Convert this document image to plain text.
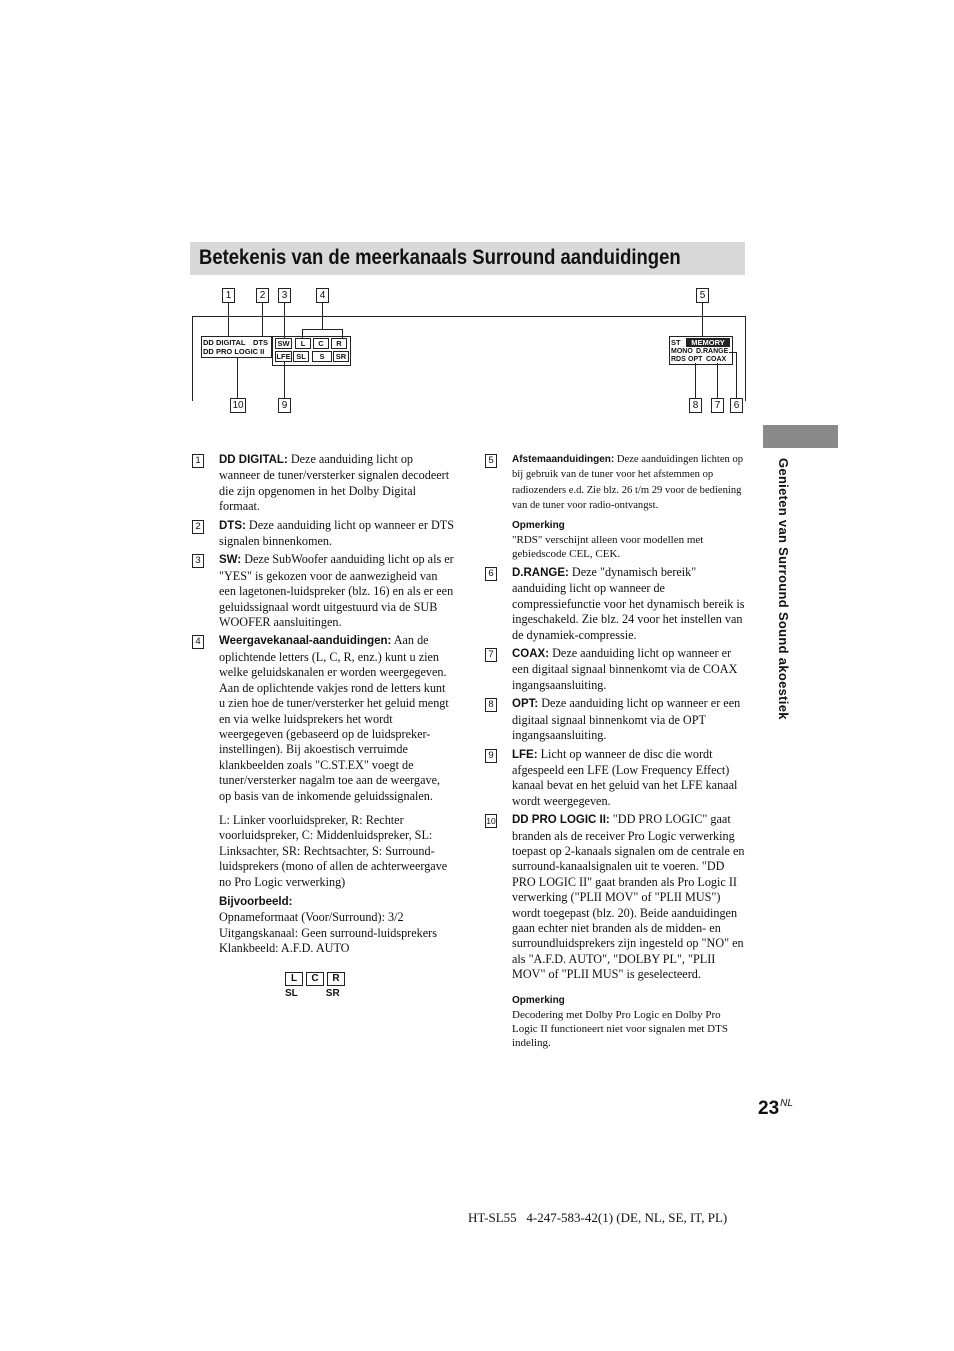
Betekenis van de meerkanaals Surround aanduidingen
Genieten van Surround Sound akoestiek
1	2	3	4	5
10	9	8	7	6
DD DIGITAL DTS
DD PRO LOGIC II
SW	L	C	R
LFE SL	S	SR
ST	MEMORY
MONO D.RANGE
RDS OPT COAX
1 DD DIGITAL: Deze aanduiding licht op wanneer de tuner/versterker signalen decodeert die zijn opgenomen in het Dolby Digital formaat.
2 DTS: Deze aanduiding licht op wanneer er DTS signalen binnenkomen.
3 SW: Deze SubWoofer aanduiding licht op als er "YES" is gekozen voor de aanwezigheid van een lagetonen-luidspreker (blz. 16) en als er een geluidssignaal wordt uitgestuurd via de SUB WOOFER aansluitingen.
4 Weergavekanaal-aanduidingen: Aan de oplichtende letters (L, C, R, enz.) kunt u zien welke geluidskanalen er worden weergegeven. Aan de oplichtende vakjes rond de letters kunt u zien hoe de tuner/versterker het geluid mengt en via welke luidsprekers het wordt weergegeven (gebaseerd op de luidspreker-instellingen). Bij akoestisch verruimde klankbeelden zoals "C.ST.EX" voegt de tuner/versterker nagalm toe aan de weergave, op basis van de inkomende geluidssignalen.
L: Linker voorluidspreker, R: Rechter voorluidspreker, C: Middenluidspreker, SL: Linksachter, SR: Rechtsachter, S: Surround-luidsprekers (mono of allen de achterweergave no Pro Logic verwerking)
Bijvoorbeeld:
Opnameformaat (Voor/Surround): 3/2
Uitgangskanaal: Geen surround-luidsprekers
Klankbeeld: A.F.D. AUTO
L C R
SL	SR
5	Afstemaanduidingen: Deze aanduidingen lichten op bij gebruik van de tuner voor het afstemmen op radiozenders e.d. Zie blz. 26 t/m 29 voor de bediening van de tuner voor radio-ontvangst.
Opmerking
"RDS" verschijnt alleen voor modellen met gebiedscode CEL, CEK.
6 D.RANGE: Deze "dynamisch bereik" aanduiding licht op wanneer de compressiefunctie voor het dynamisch bereik is ingeschakeld. Zie blz. 24 voor het instellen van de dynamiek-compressie.
7 COAX: Deze aanduiding licht op wanneer er een digitaal signaal binnenkomt via de COAX ingangsaansluiting.
8 OPT: Deze aanduiding licht op wanneer er een digitaal signaal binnenkomt via de OPT ingangsaansluiting.
9 LFE: Licht op wanneer de disc die wordt afgespeeld een LFE (Low Frequency Effect) kanaal bevat en het geluid van het LFE kanaal wordt weergegeven.
10 DD PRO LOGIC II: "DD PRO LOGIC" gaat branden als de receiver Pro Logic verwerking toepast op 2-kanaals signalen om de centrale en surround-kanaalsignalen uit te voeren. "DD PRO LOGIC II" gaat branden als Pro Logic II verwerking ("PLII MOV" of "PLII MUS") wordt toegepast (blz. 20). Beide aanduidingen gaan echter niet branden als de midden- en surroundluidsprekers zijn ingesteld op "NO" en als "A.F.D. AUTO", "DOLBY PL", "PLII MOV" of "PLII MUS" is geselecteerd.
Opmerking
Decodering met Dolby Pro Logic en Dolby Pro Logic II functioneert niet voor signalen met DTS indeling.
$23^{NL}$
HT-SL55   4-247-583-42(1) (DE, NL, SE, IT, PL)
